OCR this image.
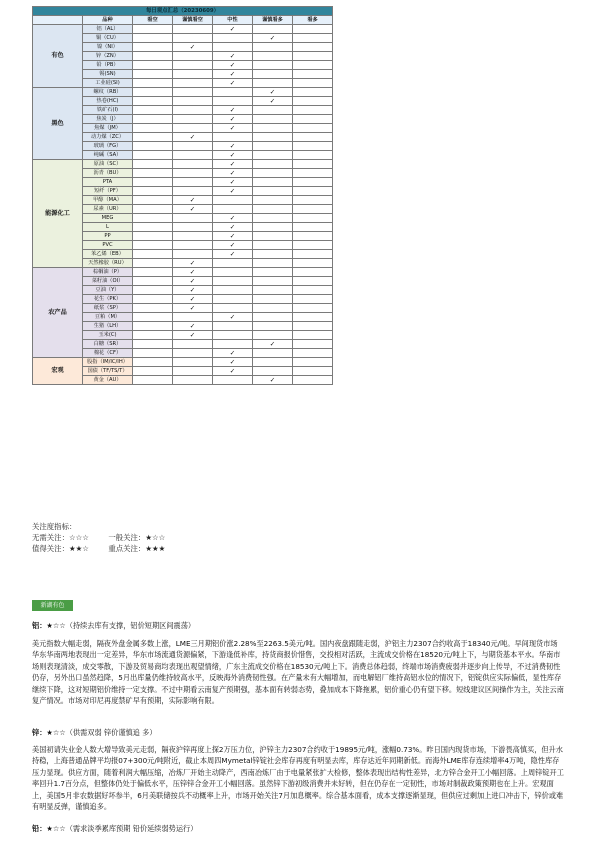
每日观点汇总（20230609）						
	品种	看空	谨慎看空	中性	谨慎看多	看多
有色	铝（AL）			✓		
	铜（CU）				✓	
	镍（NI）		✓			
	锌（ZN）			✓		
	铅（PB）			✓		
	锡(SN)			✓		
	工业硅(SI)			✓		
黑色	螺纹（RB）				✓	
	热卷(HC)				✓	
	铁矿石(I)			✓		
	焦炭（J）			✓		
	焦煤（JM）			✓		
	动力煤（ZC）		✓			
	玻璃（FG）			✓		
	纯碱（SA）			✓		
能源化工	原油（SC）			✓		
	沥青（BU）			✓		
	PTA			✓		
	短纤（PF）			✓		
	甲醇（MA）		✓			
	尿素（UR）		✓			
	MEG			✓		
	L			✓		
	PP			✓		
	PVC			✓		
	苯乙烯（EB）			✓		
	天然橡胶（RU）		✓			
农产品	棕榈油（P）		✓			
	菜籽油（OI）		✓			
	豆油（Y）		✓			
	花生（PK）		✓			
	纸浆（SP）		✓			
	豆粕（M）			✓		
	生猪（LH）		✓			
	玉米(C)		✓			
	白糖（SR）				✓	
	棉花（CF）			✓		
宏观	股指（IM/IC/IH）			✓		
	国债（TF/TS/T）			✓		
	黄金（AU）				✓	
关注度指标：
无需关注：☆☆☆	一般关注：★☆☆
值得关注：★★☆	重点关注：★★★
新湖有色
铝：★☆☆（持续去库有支撑，铝价短期区间震荡）
美元指数大幅走弱，隔夜外盘金属多数上涨，LME三月期铝价涨2.28%至2263.5美元/吨。国内夜盘跟随走弱，沪铝主力2307合约收高于18340元/吨。早间现货市场华东华南两地表现出一定差异，华东市场流通货源偏紧，下游逢低补库，持货商报价惜售，交投相对活跃，主流成交价格在18520元/吨上下，与期货基本平水。华南市场则表现清淡，成交零散，下游及贸易商均表现出观望情绪，广东主流成交价格在18530元/吨上下。消费总体趋弱，终端市场消费疲弱并逐步向上传导，不过消费韧性仍存，另外出口虽然趋降，5月出库量仍维持较高水平，反映海外消费韧性强。在产量未有大幅增加，而电解铝厂维持高铝水位的情况下，铝锭供应实际偏低，显性库存继续下降，这对短期铝价维持一定支撑。不过中期看云南复产预期强，基本面有转弱态势，叠加成本下降拖累，铝价重心仍有望下移。短线建议区间操作为主，关注云南复产情况。市场对印尼再度禁矿早有预期，实际影响有限。
锌：★☆☆（供需双弱 锌价谨慎追 多）
美国初请失业金人数大增导致美元走弱，隔夜沪锌再度上探2万压力位，沪锌主力2307合约收于19895元/吨，涨幅0.73%。昨日国内现货市场，下游畏高慎买，但升水持稳，上海普通品牌平均报07+300元/吨附近，截止本周四Mymetal锌锭社会库存再度有明显去库，库存达近年同期新低。而海外LME库存连续增率4万吨，隐性库存压力显现。供应方面，随着利润大幅压缩，冶炼厂开始主动降产，西南冶炼厂由于电量紧张扩大检修，整体表现出结构性差异，北方锌合金开工小幅回落。上周锌锭开工率回升1.7百分点，但整体仍处于偏低水平，压锌锌合金开工小幅回落。虽然锌下游初级消费并未好转，但在仍存在一定韧性，市场对制裁政策预期也在上升。宏观面上，美国5月非农数据好坏参半，6月美联储按兵不动概率上升，市场开始关注7月加息概率。综合基本面看，成本支撑逐渐显现，但供应过剩加上进口冲击下，锌价或难有明显反弹，谨慎追多。
铅：★☆☆（需求淡季累库预期 铅价延续弱势运行）
